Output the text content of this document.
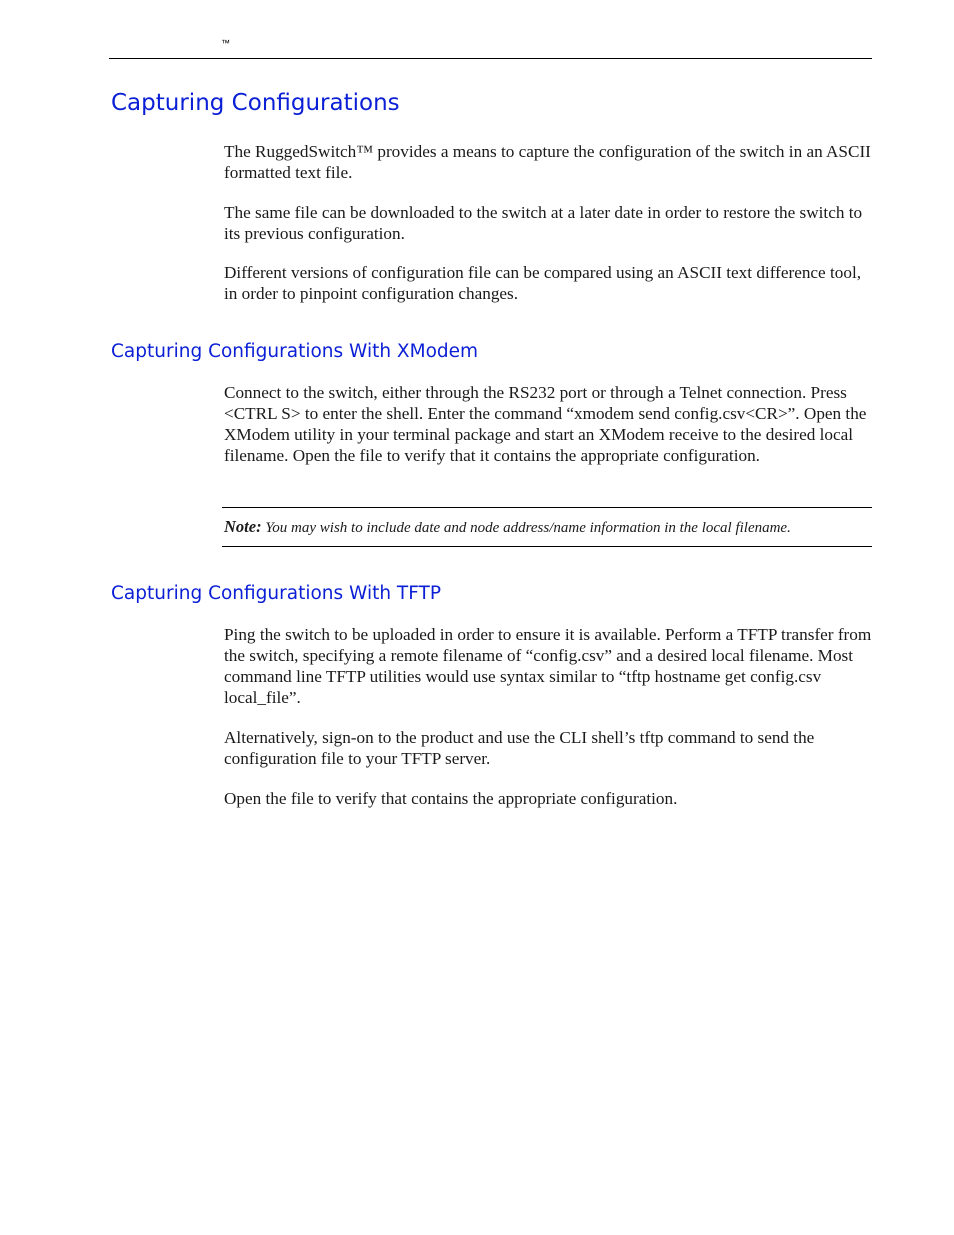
™
Capturing Configurations

The RuggedSwitch™ provides a means to capture the configuration of the switch in an ASCII formatted text file.

The same file can be downloaded to the switch at a later date in order to restore the switch to its previous configuration.

Different versions of configuration file can be compared using an ASCII text difference tool, in order to pinpoint configuration changes.

Capturing Configurations With XModem

Connect to the switch, either through the RS232 port or through a Telnet connection. Press <CTRL S> to enter the shell. Enter the command “xmodem send config.csv<CR>”. Open the XModem utility in your terminal package and start an XModem receive to the desired local filename. Open the file to verify that it contains the appropriate configuration.

Note: You may wish to include date and node address/name information in the local filename.
Capturing Configurations With TFTP

Ping the switch to be uploaded in order to ensure it is available. Perform a TFTP transfer from the switch, specifying a remote filename of “config.csv” and a desired local filename. Most command line TFTP utilities would use syntax similar to “tftp hostname get config.csv local_file”.

Alternatively, sign-on to the product and use the CLI shell’s tftp command to send the configuration file to your TFTP server.

Open the file to verify that contains the appropriate configuration.
